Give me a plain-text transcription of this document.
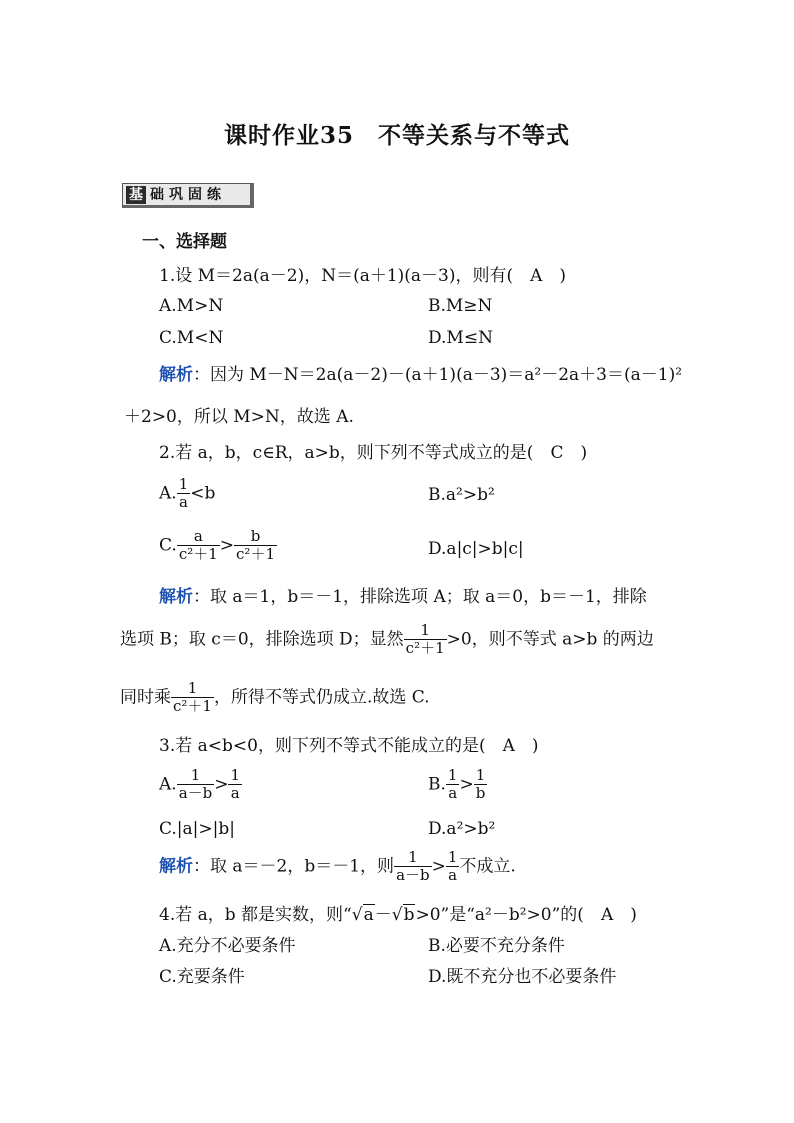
课时作业35　不等关系与不等式
基 础巩固练
一、选择题
1.设 M＝2a(a－2)，N＝(a＋1)(a－3)，则有(　A　)
A.M>N	B.M≥N
C.M<N	D.M≤N
解析：因为 M－N＝2a(a－2)－(a＋1)(a－3)＝a²－2a＋3＝(a－1)²
＋2>0，所以 M>N，故选 A.
2.若 a，b，c∈R，a>b，则下列不等式成立的是(　C　)
A. $\frac{1}{a} <b$	B.a²>b²
C. $\frac{a}{\text{c²＋1}} > \frac{b}{\text{c²＋1}}$	D.a|c|>b|c|
解析：取 a＝1，b＝－1，排除选项 A；取 a＝0，b＝－1，排除
选项 B；取 c＝0，排除选项 D；显然 $\frac{1}{\text{c²＋1}} >0$，则不等式 a>b 的两边
同时乘 $\frac{1}{\text{c²＋1}}$ ，所得不等式仍成立.故选 C.
3.若 a<b<0，则下列不等式不能成立的是(　A　)
A. $\frac{1}{a-b} > \frac{1}{a}$	B. $\frac{1}{a} > \frac{1}{b}$
C.|a|>|b|	D.a²>b²
解析：取 a＝－2，b＝－1，则 $\frac{1}{a-b} > \frac{1}{a}$ 不成立.
4.若 a，b 都是实数，则“√a－√b>0”是“a²－b²>0”的(　A　)
A.充分不必要条件	B.必要不充分条件
C.充要条件	D.既不充分也不必要条件
